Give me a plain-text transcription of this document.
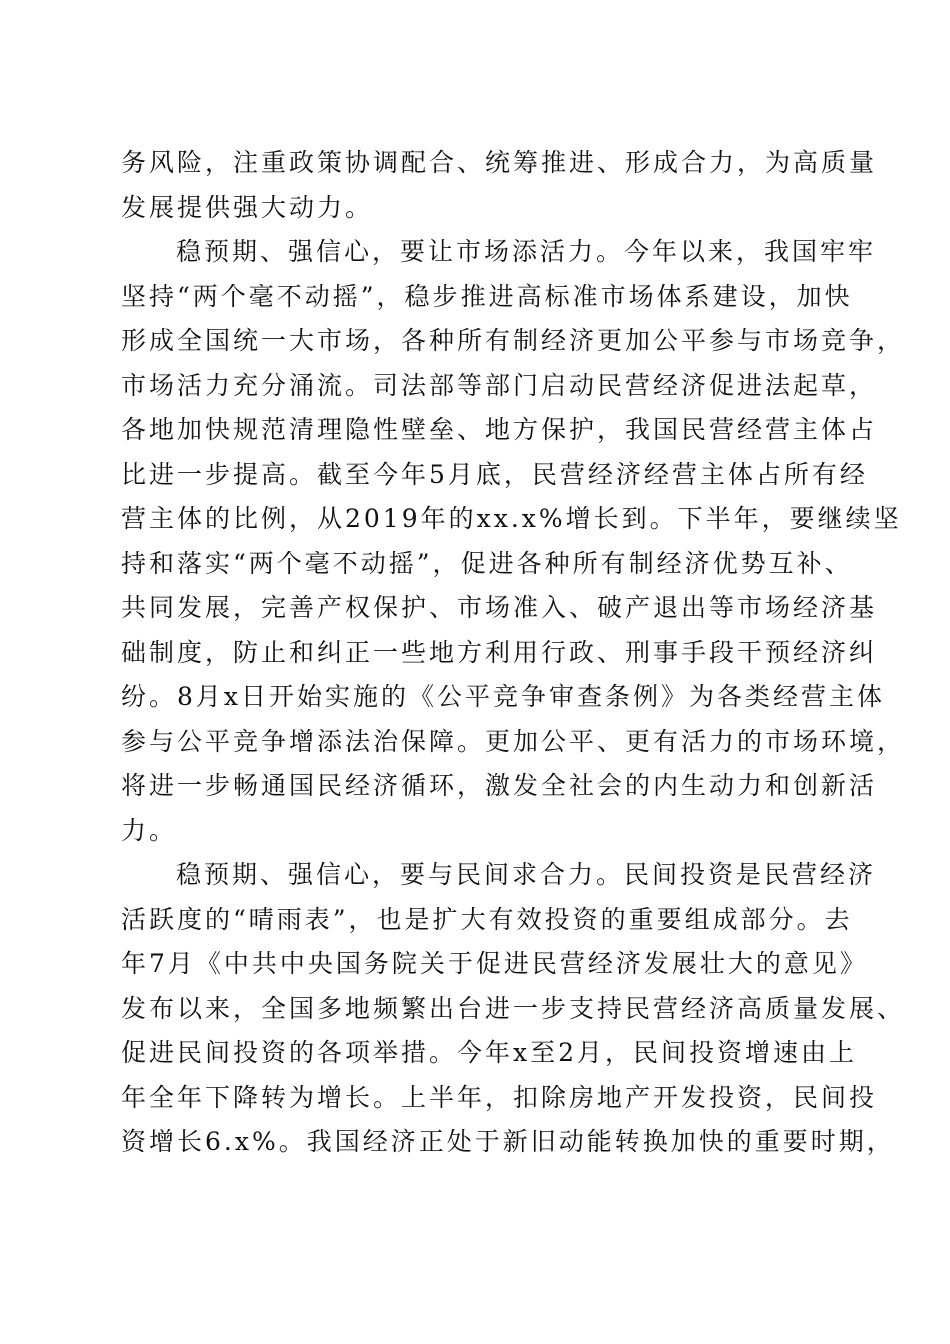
务风险，注重政策协调配合、统筹推进、形成合力，为高质量
发展提供强大动力。
稳预期、强信心，要让市场添活力。今年以来，我国牢牢
坚持“两个毫不动摇”，稳步推进高标准市场体系建设，加快
形成全国统一大市场，各种所有制经济更加公平参与市场竞争，
市场活力充分涌流。司法部等部门启动民营经济促进法起草，
各地加快规范清理隐性壁垒、地方保护，我国民营经营主体占
比进一步提高。截至今年5月底，民营经济经营主体占所有经
营主体的比例，从2019年的xx.x%增长到。下半年，要继续坚
持和落实“两个毫不动摇”，促进各种所有制经济优势互补、
共同发展，完善产权保护、市场准入、破产退出等市场经济基
础制度，防止和纠正一些地方利用行政、刑事手段干预经济纠
纷。8月x日开始实施的《公平竞争审查条例》为各类经营主体
参与公平竞争增添法治保障。更加公平、更有活力的市场环境，
将进一步畅通国民经济循环，激发全社会的内生动力和创新活
力。
稳预期、强信心，要与民间求合力。民间投资是民营经济
活跃度的“晴雨表”，也是扩大有效投资的重要组成部分。去
年7月《中共中央国务院关于促进民营经济发展壮大的意见》
发布以来，全国多地频繁出台进一步支持民营经济高质量发展、
促进民间投资的各项举措。今年x至2月，民间投资增速由上
年全年下降转为增长。上半年，扣除房地产开发投资，民间投
资增长6.x%。我国经济正处于新旧动能转换加快的重要时期，
